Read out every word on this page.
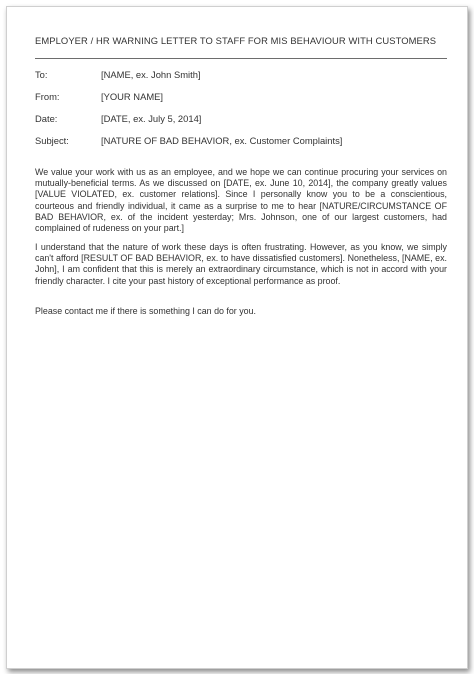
EMPLOYER / HR WARNING LETTER TO STAFF FOR MIS BEHAVIOUR WITH CUSTOMERS
To:	[NAME, ex. John Smith]
From:	[YOUR NAME]
Date:	[DATE, ex. July 5, 2014]
Subject:	[NATURE OF BAD BEHAVIOR, ex. Customer Complaints]

We value your work with us as an employee, and we hope we can continue procuring your services on mutually-beneficial terms. As we discussed on [DATE, ex. June 10, 2014], the company greatly values [VALUE VIOLATED, ex. customer relations]. Since I personally know you to be a conscientious, courteous and friendly individual, it came as a surprise to me to hear [NATURE/CIRCUMSTANCE OF BAD BEHAVIOR, ex. of the incident yesterday; Mrs. Johnson, one of our largest customers, had complained of rudeness on your part.]

I understand that the nature of work these days is often frustrating. However, as you know, we simply can't afford [RESULT OF BAD BEHAVIOR, ex. to have dissatisfied customers]. Nonetheless, [NAME, ex. John], I am confident that this is merely an extraordinary circumstance, which is not in accord with your friendly character. I cite your past history of exceptional performance as proof.

Please contact me if there is something I can do for you.
